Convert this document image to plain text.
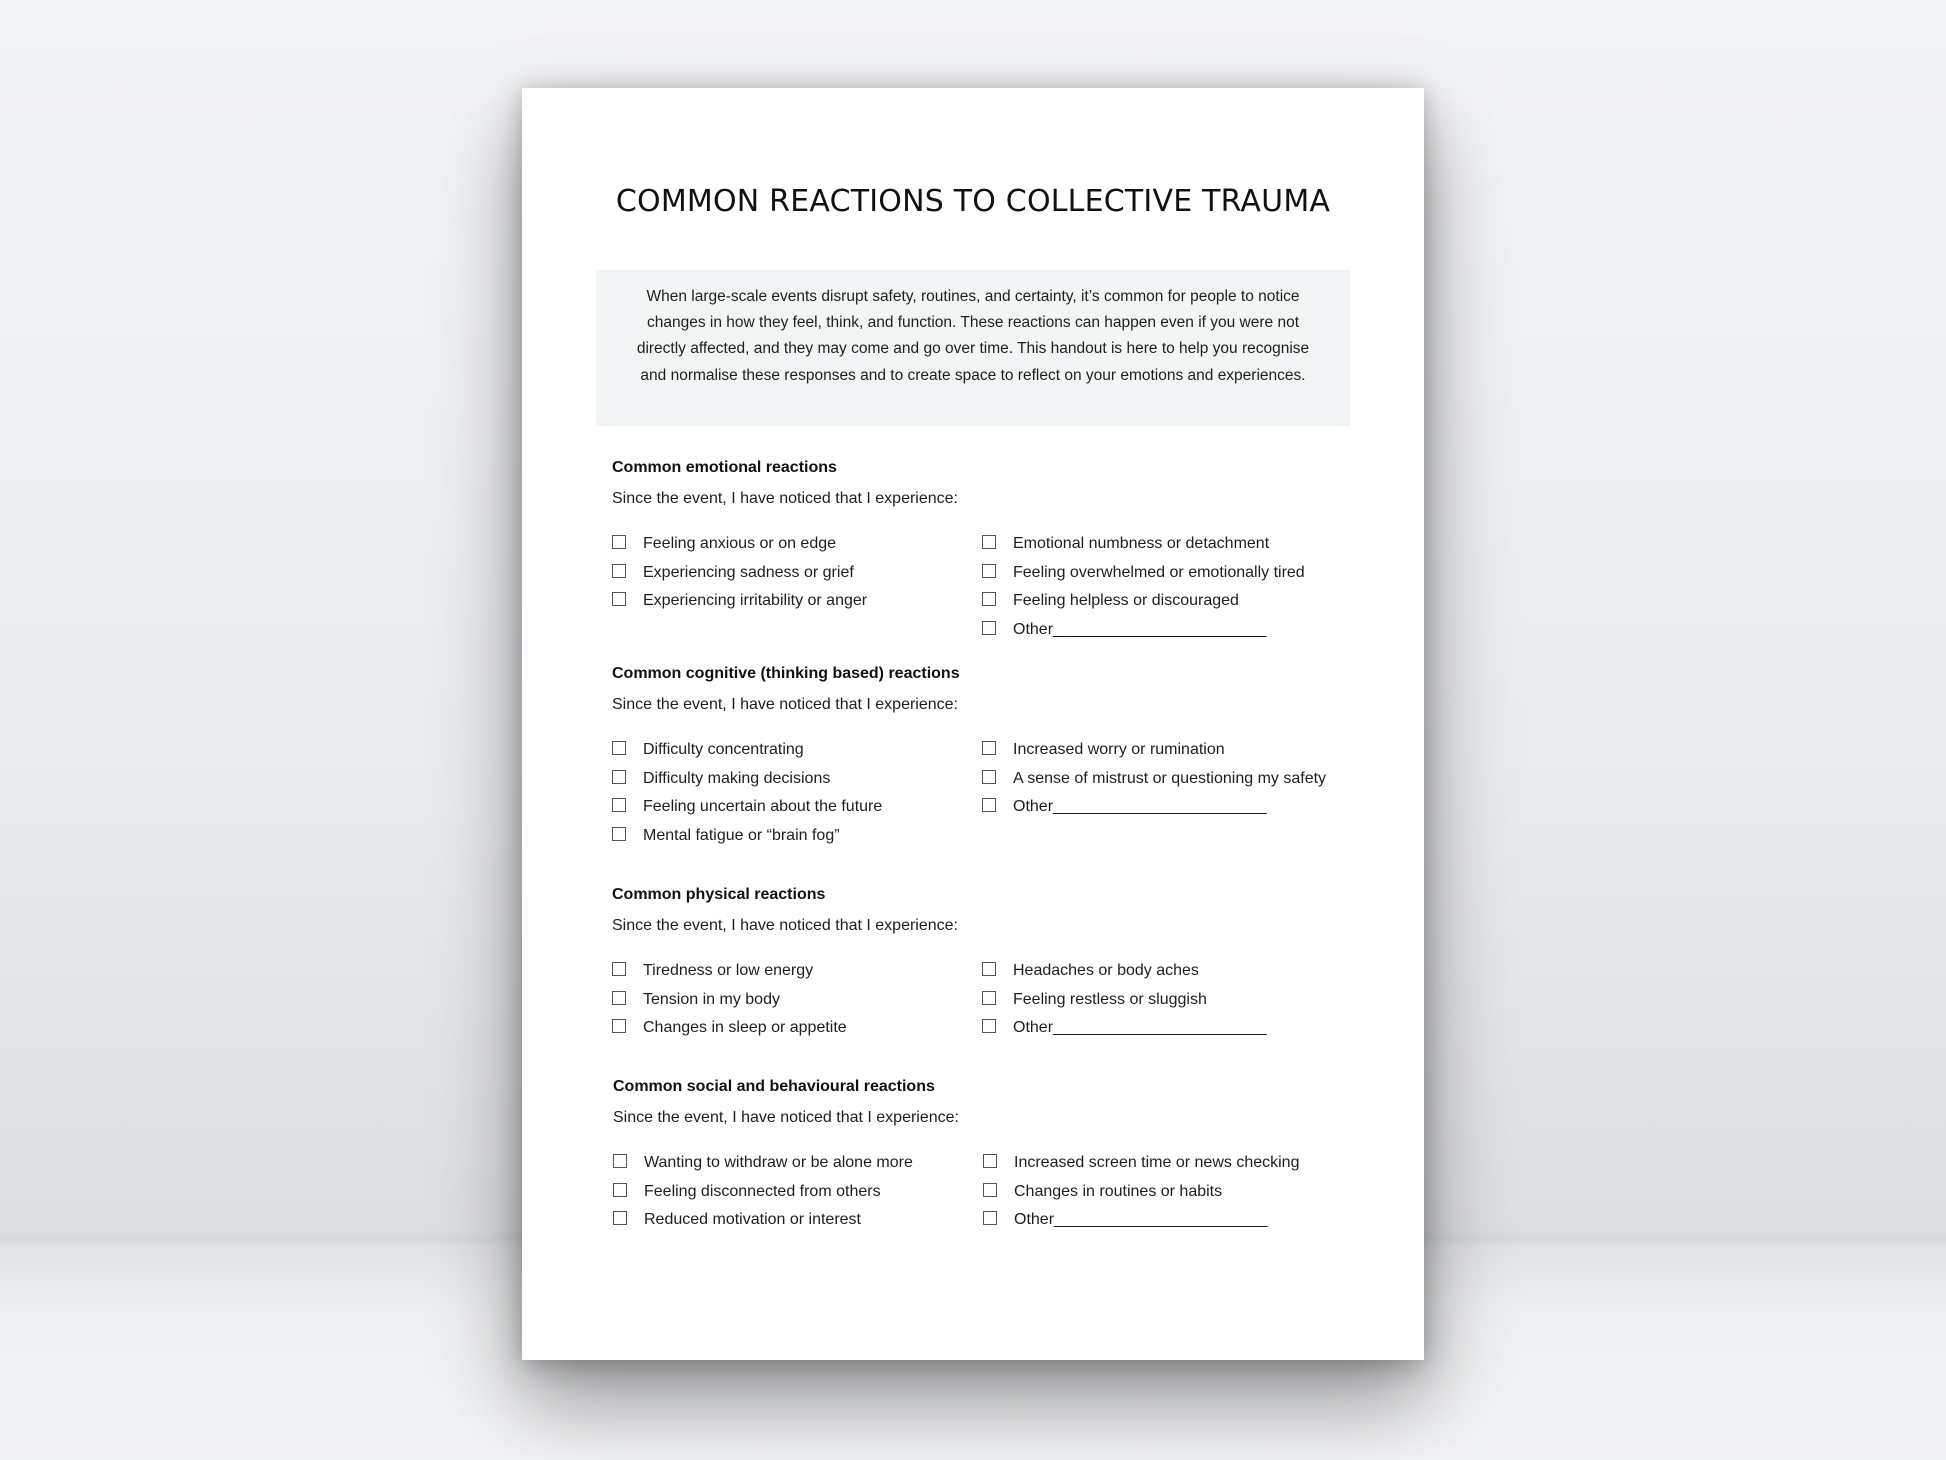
COMMON REACTIONS TO COLLECTIVE TRAUMA

When large-scale events disrupt safety, routines, and certainty, it’s common for people to notice changes in how they feel, think, and function. These reactions can happen even if you were not directly affected, and they may come and go over time. This handout is here to help you recognise and normalise these responses and to create space to reflect on your emotions and experiences.

Common emotional reactions

Since the event, I have noticed that I experience:

Feeling anxious or on edge
Experiencing sadness or grief
Experiencing irritability or anger
Emotional numbness or detachment
Feeling overwhelmed or emotionally tired
Feeling helpless or discouraged
Other________________________

Common cognitive (thinking based) reactions

Since the event, I have noticed that I experience:

Difficulty concentrating
Difficulty making decisions
Feeling uncertain about the future
Mental fatigue or “brain fog”
Increased worry or rumination
A sense of mistrust or questioning my safety
Other________________________

Common physical reactions

Since the event, I have noticed that I experience:

Tiredness or low energy
Tension in my body
Changes in sleep or appetite
Headaches or body aches
Feeling restless or sluggish
Other________________________

Common social and behavioural reactions

Since the event, I have noticed that I experience:

Wanting to withdraw or be alone more
Feeling disconnected from others
Reduced motivation or interest
Increased screen time or news checking
Changes in routines or habits
Other________________________
